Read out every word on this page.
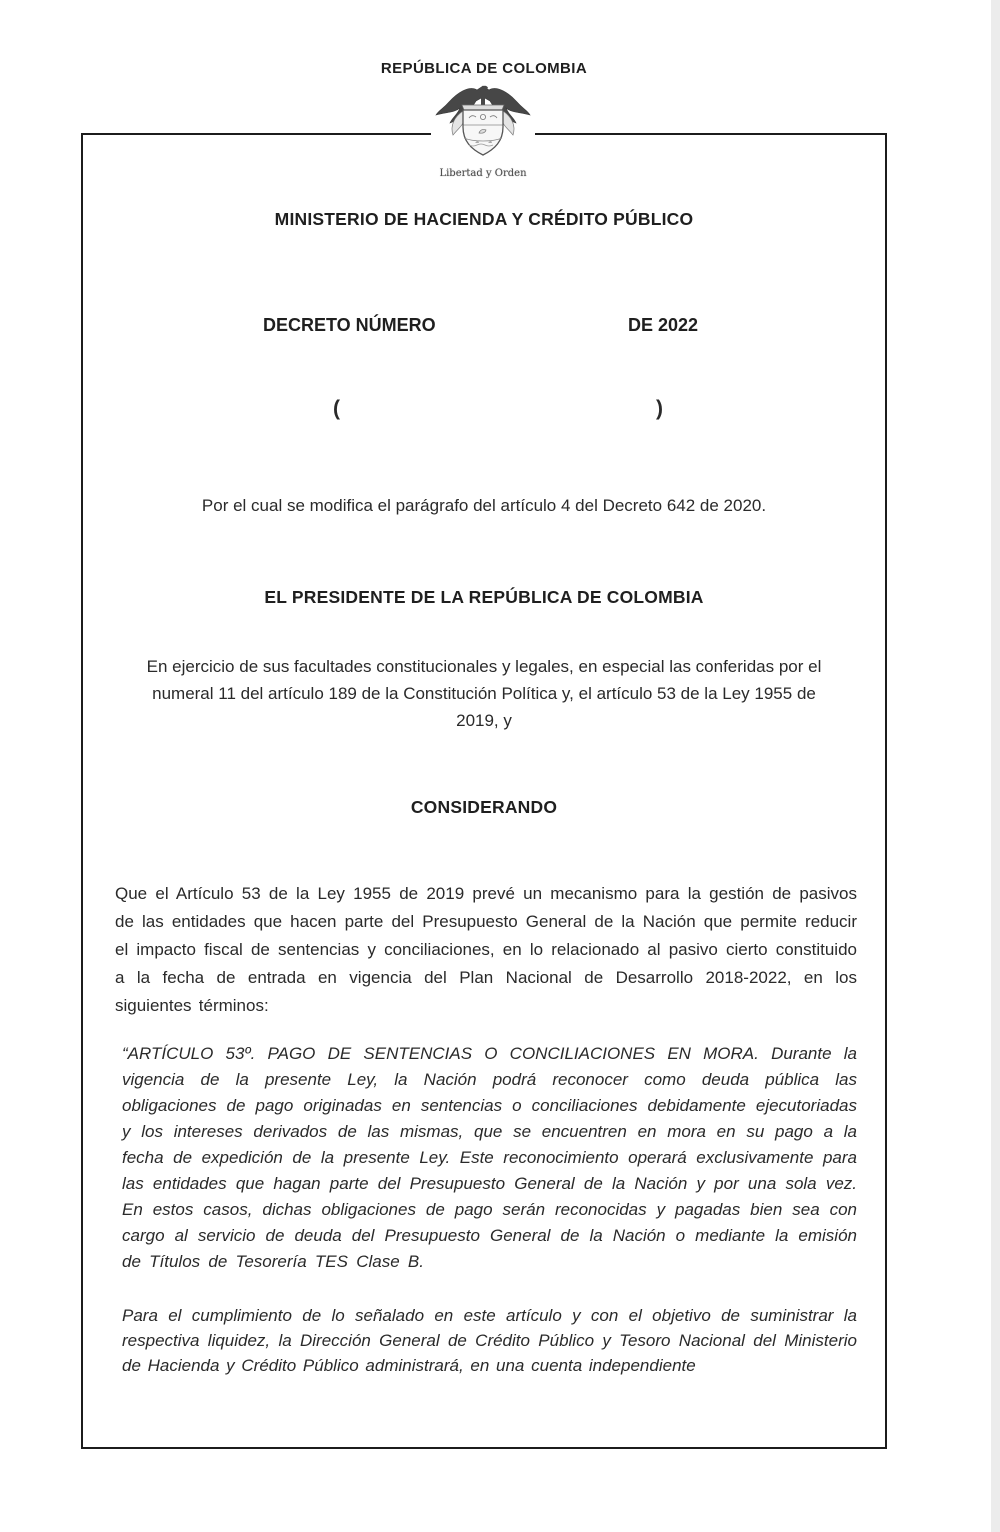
REPÚBLICA DE COLOMBIA
Libertad y Orden
MINISTERIO DE HACIENDA Y CRÉDITO PÚBLICO
DECRETO NÚMERO	DE 2022
(	)
Por el cual se modifica el parágrafo del artículo 4 del Decreto 642 de 2020.
EL PRESIDENTE DE LA REPÚBLICA DE COLOMBIA
En ejercicio de sus facultades constitucionales y legales, en especial las conferidas por el numeral 11 del artículo 189 de la Constitución Política y, el artículo 53 de la Ley 1955 de 2019, y
CONSIDERANDO
Que el Artículo 53 de la Ley 1955 de 2019 prevé un mecanismo para la gestión de pasivos de las entidades que hacen parte del Presupuesto General de la Nación que permite reducir el impacto fiscal de sentencias y conciliaciones, en lo relacionado al pasivo cierto constituido a la fecha de entrada en vigencia del Plan Nacional de Desarrollo 2018-2022, en los siguientes términos:
“ARTÍCULO 53º. PAGO DE SENTENCIAS O CONCILIACIONES EN MORA. Durante la vigencia de la presente Ley, la Nación podrá reconocer como deuda pública las obligaciones de pago originadas en sentencias o conciliaciones debidamente ejecutoriadas y los intereses derivados de las mismas, que se encuentren en mora en su pago a la fecha de expedición de la presente Ley. Este reconocimiento operará exclusivamente para las entidades que hagan parte del Presupuesto General de la Nación y por una sola vez. En estos casos, dichas obligaciones de pago serán reconocidas y pagadas bien sea con cargo al servicio de deuda del Presupuesto General de la Nación o mediante la emisión de Títulos de Tesorería TES Clase B.
Para el cumplimiento de lo señalado en este artículo y con el objetivo de suministrar la respectiva liquidez, la Dirección General de Crédito Público y Tesoro Nacional del Ministerio de Hacienda y Crédito Público administrará, en una cuenta independiente
